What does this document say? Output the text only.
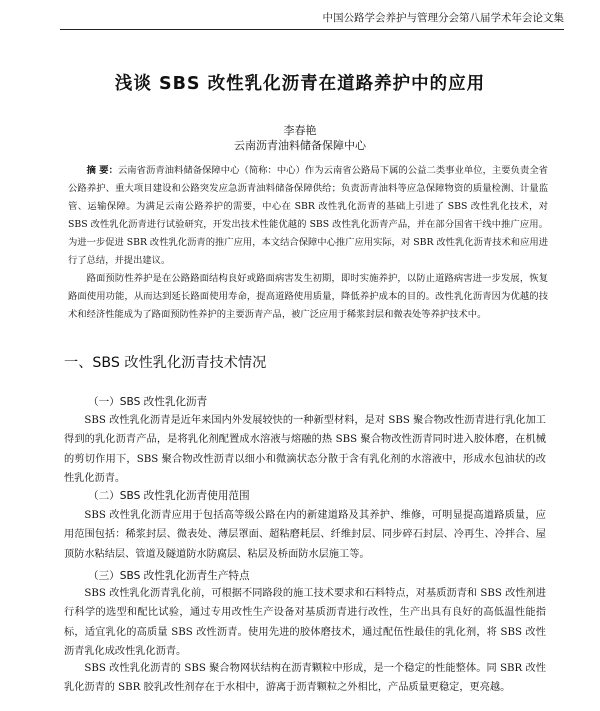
中国公路学会养护与管理分会第八届学术年会论文集
浅谈 SBS 改性乳化沥青在道路养护中的应用
李春艳
云南沥青油料储备保障中心

摘 要：云南省沥青油料储备保障中心（简称：中心）作为云南省公路局下属的公益二类事业单位，主要负责全省公路养护、重大项目建设和公路突发应急沥青油料储备保障供给；负责沥青油料等应急保障物资的质量检测、计量监管、运输保障。为满足云南公路养护的需要，中心在 SBR 改性乳化沥青的基础上引进了 SBS 改性乳化技术，对 SBS 改性乳化沥青进行试验研究，开发出技术性能优越的 SBS 改性乳化沥青产品，并在部分国省干线中推广应用。为进一步促进 SBR 改性乳化沥青的推广应用，本文结合保障中心推广应用实际，对 SBR 改性乳化沥青技术和应用进行了总结，并提出建议。

路面预防性养护是在公路路面结构良好或路面病害发生初期，即时实施养护，以防止道路病害进一步发展，恢复路面使用功能，从而达到延长路面使用寿命，提高道路使用质量，降低养护成本的目的。改性乳化沥青因为优越的技术和经济性能成为了路面预防性养护的主要沥青产品，被广泛应用于稀浆封层和微表处等养护技术中。

一、SBS 改性乳化沥青技术情况
（一）SBS 改性乳化沥青

SBS 改性乳化沥青是近年来国内外发展较快的一种新型材料，是对 SBS 聚合物改性沥青进行乳化加工得到的乳化沥青产品，是将乳化剂配置成水溶液与熔融的热 SBS 聚合物改性沥青同时进入胶体磨，在机械的剪切作用下，SBS 聚合物改性沥青以细小和微滴状态分散于含有乳化剂的水溶液中，形成水包油状的改性乳化沥青。

（二）SBS 改性乳化沥青使用范围

SBS 改性乳化沥青应用于包括高等级公路在内的新建道路及其养护、维修，可明显提高道路质量，应用范围包括：稀浆封层、微表处、薄层罩面、超粘磨耗层、纤维封层、同步碎石封层、冷再生、冷拌合、屋顶防水粘结层、管道及隧道防水防腐层、粘层及桥面防水层施工等。

（三）SBS 改性乳化沥青生产特点

SBS 改性乳化沥青乳化前，可根据不同路段的施工技术要求和石料特点，对基质沥青和 SBS 改性剂进行科学的选型和配比试验，通过专用改性生产设备对基质沥青进行改性，生产出具有良好的高低温性能指标，适宜乳化的高质量 SBS 改性沥青。使用先进的胶体磨技术，通过配伍性最佳的乳化剂，将 SBS 改性沥青乳化成改性乳化沥青。

SBS 改性乳化沥青的 SBS 聚合物网状结构在沥青颗粒中形成，是一个稳定的性能整体。同 SBR 改性乳化沥青的 SBR 胶乳改性剂存在于水相中，游离于沥青颗粒之外相比，产品质量更稳定，更亮越。
